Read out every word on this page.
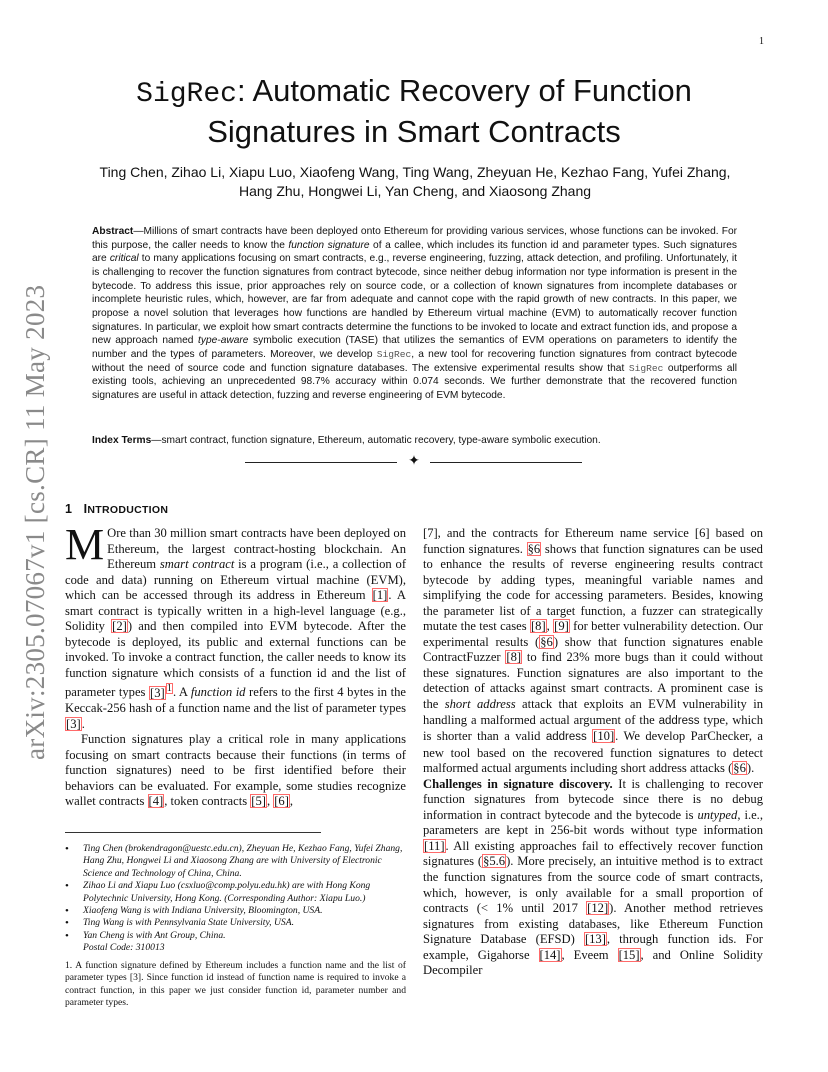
1
arXiv:2305.07067v1 [cs.CR] 11 May 2023
SigRec: Automatic Recovery of Function
Signatures in Smart Contracts
Ting Chen, Zihao Li, Xiapu Luo, Xiaofeng Wang, Ting Wang, Zheyuan He, Kezhao Fang, Yufei Zhang,
Hang Zhu, Hongwei Li, Yan Cheng, and Xiaosong Zhang
Abstract—Millions of smart contracts have been deployed onto Ethereum for providing various services, whose functions can be invoked. For this purpose, the caller needs to know the function signature of a callee, which includes its function id and parameter types. Such signatures are critical to many applications focusing on smart contracts, e.g., reverse engineering, fuzzing, attack detection, and profiling. Unfortunately, it is challenging to recover the function signatures from contract bytecode, since neither debug information nor type information is present in the bytecode. To address this issue, prior approaches rely on source code, or a collection of known signatures from incomplete databases or incomplete heuristic rules, which, however, are far from adequate and cannot cope with the rapid growth of new contracts. In this paper, we propose a novel solution that leverages how functions are handled by Ethereum virtual machine (EVM) to automatically recover function signatures. In particular, we exploit how smart contracts determine the functions to be invoked to locate and extract function ids, and propose a new approach named type-aware symbolic execution (TASE) that utilizes the semantics of EVM operations on parameters to identify the number and the types of parameters. Moreover, we develop SigRec, a new tool for recovering function signatures from contract bytecode without the need of source code and function signature databases. The extensive experimental results show that SigRec outperforms all existing tools, achieving an unprecedented 98.7% accuracy within 0.074 seconds. We further demonstrate that the recovered function signatures are useful in attack detection, fuzzing and reverse engineering of EVM bytecode.
Index Terms—smart contract, function signature, Ethereum, automatic recovery, type-aware symbolic execution.
✦
1 INTRODUCTION

M Ore than 30 million smart contracts have been deployed on Ethereum, the largest contract-hosting blockchain. An Ethereum smart contract is a program (i.e., a collection of code and data) running on Ethereum virtual machine (EVM), which can be accessed through its address in Ethereum [1]. A smart contract is typically written in a high-level language (e.g., Solidity [2]) and then compiled into EVM bytecode. After the bytecode is deployed, its public and external functions can be invoked. To invoke a contract function, the caller needs to know its function signature which consists of a function id and the list of parameter types [3] $^1$. A function id refers to the first 4 bytes in the Keccak-256 hash of a function name and the list of parameter types [3].

Function signatures play a critical role in many applications focusing on smart contracts because their functions (in terms of function signatures) need to be first identified before their behaviors can be evaluated. For example, some studies recognize wallet contracts [4], token contracts [5], [6],

• Ting Chen (brokendragon@uestc.edu.cn), Zheyuan He, Kezhao Fang, Yufei Zhang, Hang Zhu, Hongwei Li and Xiaosong Zhang are with University of Electronic Science and Technology of China, China.
• Zihao Li and Xiapu Luo (csxluo@comp.polyu.edu.hk) are with Hong Kong Polytechnic University, Hong Kong. (Corresponding Author: Xiapu Luo.)
• Xiaofeng Wang is with Indiana University, Bloomington, USA.
• Ting Wang is with Pennsylvania State University, USA.
• Yan Cheng is with Ant Group, China.
Postal Code: 310013
1. A function signature defined by Ethereum includes a function name and the list of parameter types [3]. Since function id instead of function name is required to invoke a contract function, in this paper we just consider function id, parameter number and parameter types.

[7], and the contracts for Ethereum name service [6] based on function signatures. §6 shows that function signatures can be used to enhance the results of reverse engineering results contract bytecode by adding types, meaningful variable names and simplifying the code for accessing parameters. Besides, knowing the parameter list of a target function, a fuzzer can strategically mutate the test cases [8], [9] for better vulnerability detection. Our experimental results (§6) show that function signatures enable ContractFuzzer [8] to find 23% more bugs than it could without these signatures. Function signatures are also important to the detection of attacks against smart contracts. A prominent case is the short address attack that exploits an EVM vulnerability in handling a malformed actual argument of the address type, which is shorter than a valid address [10]. We develop ParChecker, a new tool based on the recovered function signatures to detect malformed actual arguments including short address attacks (§6).

Challenges in signature discovery. It is challenging to recover function signatures from bytecode since there is no debug information in contract bytecode and the bytecode is untyped, i.e., parameters are kept in 256-bit words without type information [11]. All existing approaches fail to effectively recover function signatures (§5.6). More precisely, an intuitive method is to extract the function signatures from the source code of smart contracts, which, however, is only available for a small proportion of contracts (< 1% until 2017 [12]). Another method retrieves signatures from existing databases, like Ethereum Function Signature Database (EFSD) [13], through function ids. For example, Gigahorse [14], Eveem [15], and Online Solidity Decompiler
